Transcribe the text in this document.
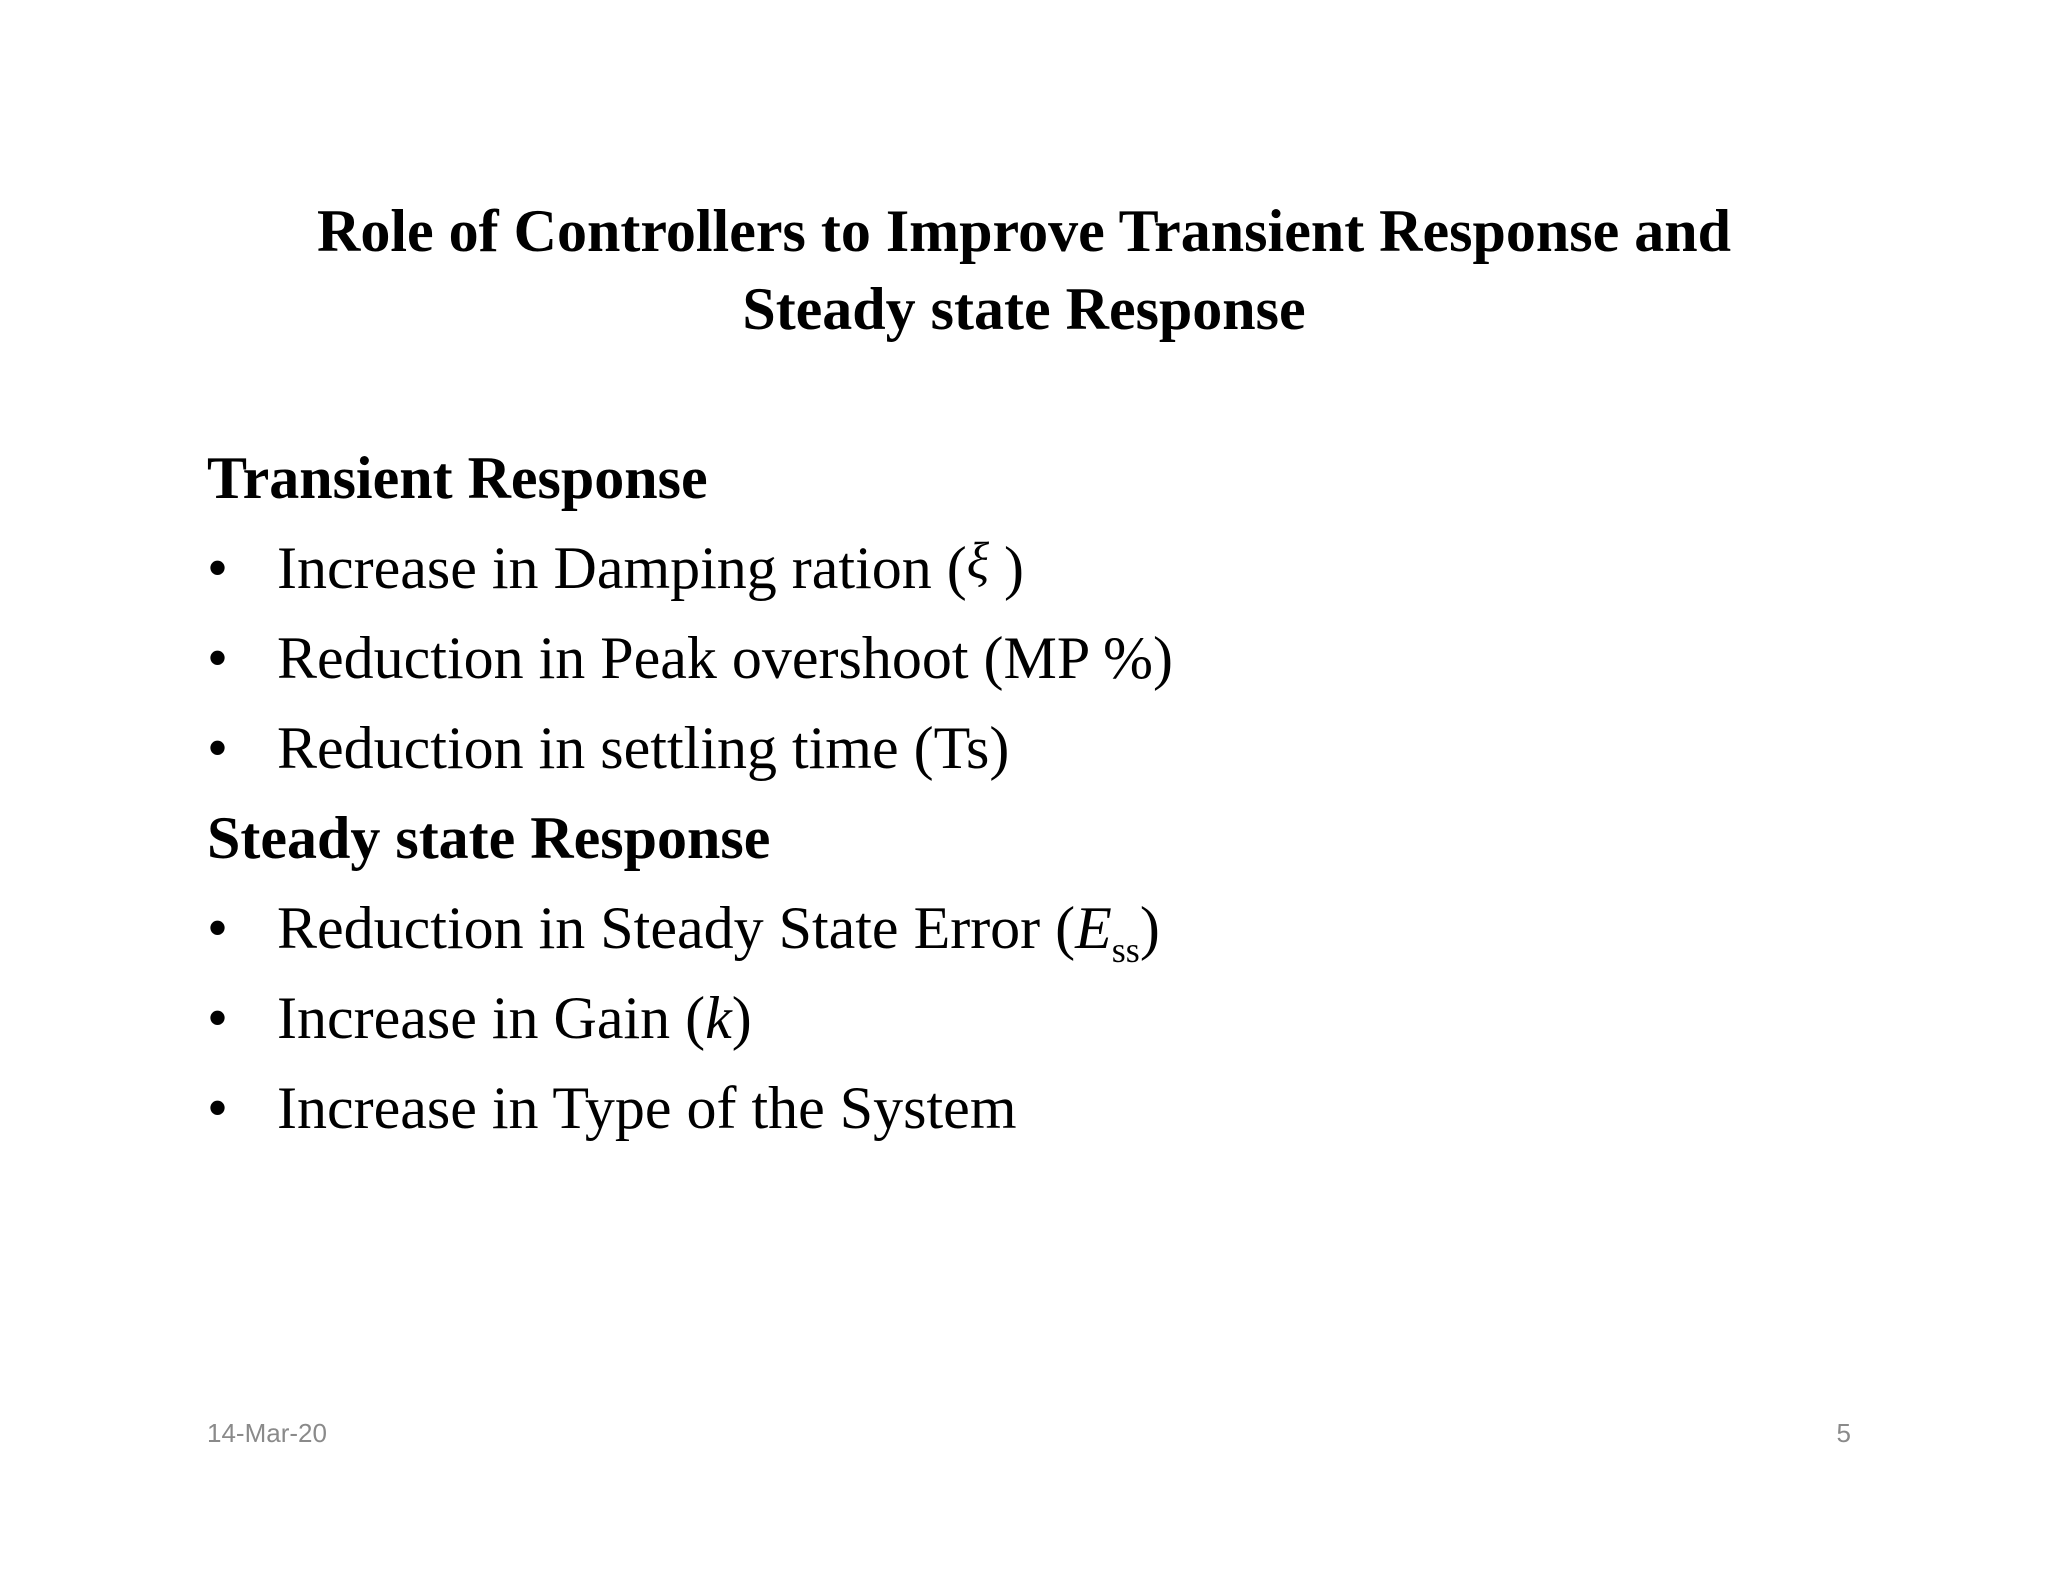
Role of Controllers to Improve Transient Response and
Steady state Response
Transient Response
• Increase in Damping ration (ξ )
• Reduction in Peak overshoot (MP %)
• Reduction in settling time (Ts)
Steady state Response
• Reduction in Steady State Error $(E_{ss})$
• Increase in Gain (k)
• Increase in Type of the System
14-Mar-20	5
